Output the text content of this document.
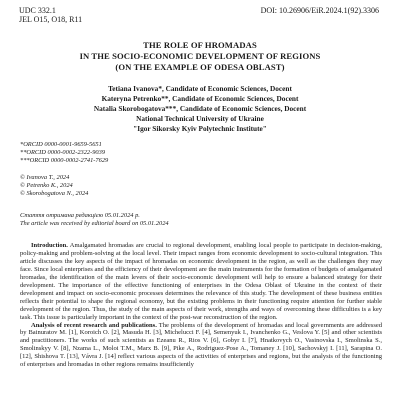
UDC 332.1
JEL O15, O18, R11
DOI: 10.26906/EiR.2024.1(92).3306
THE ROLE OF HROMADAS
IN THE SOCIO-ECONOMIC DEVELOPMENT OF REGIONS
(ON THE EXAMPLE OF ODESA OBLAST)
Tetiana Ivanova*, Candidate of Economic Sciences, Docent
Kateryna Petrenko**, Candidate of Economic Sciences, Docent
Natalia Skorobogatova***, Candidate of Economic Sciences, Docent
National Technical University of Ukraine
"Igor Sikorsky Kyiv Polytechnic Institute"
*ORCID 0000-0001-9659-5651
**ORCID 0000-0002-2322-9039
***ORCID 0000-0002-2741-7629
© Ivanova T., 2024
© Petrenko K., 2024
© Skorobogatova N., 2024
Стаття отримана редакцією 05.01.2024 р.
The article was received by editorial board on 05.01.2024

Introduction. Amalgamated hromadas are crucial to regional development, enabling local people to participate in decision-making, policy-making and problem-solving at the local level. Their impact ranges from economic development to socio-cultural integration. This article discusses the key aspects of the impact of hromadas on economic development in the region, as well as the challenges they may face. Since local enterprises and the efficiency of their development are the main instruments for the formation of budgets of amalgamated hromadas, the identification of the main levers of their socio-economic development will help to ensure a balanced strategy for their development. The importance of the effective functioning of enterprises in the Odesa Oblast of Ukraine in the context of their development and impact on socio-economic processes determines the relevance of this study. The development of these business entities reflects their potential to shape the regional economy, but the existing problems in their functioning require attention for further stable development of the region. Thus, the study of the main aspects of their work, strengths and ways of overcoming these difficulties is a key task. This issue is particularly important in the context of the post-war reconstruction of the region.

Analysis of recent research and publications. The problems of the development of hromadas and local governments are addressed by Bainuratov M. [1], Koroich O. [2], Masuda H. [3], Michelucci F. [4], Semenyuk I., Ivanchenko G., Veslova Y. [5] and other scientists and practitioners. The works of such scientists as Ezeanu R., Rios V. [6], Gobyr I. [7], Hnatkovych O., Vasinovska I., Smolinska S., Smolinskyy V. [8], Nzama L., Moloi T.M., Marx B. [9], Pike A., Rodriguez-Pose A., Tomaney J. [10], Sachovskyj I. [11], Sarapina O. [12], Shishova T. [13], Vávra J. [14] reflect various aspects of the activities of enterprises and regions, but the analysis of the functioning of enterprises and hromadas in other regions remains insufficiently
